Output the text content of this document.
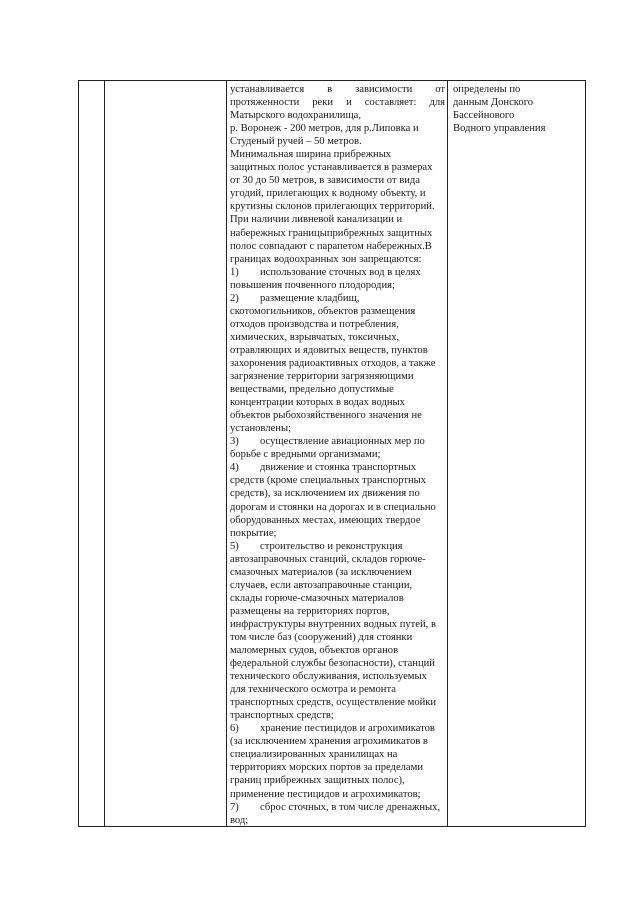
устанавливается в зависимости от
протяженности реки и составляет: для
Матырского водохранилища,
р. Воронеж - 200 метров, для р.Липовка и
Студеный ручей – 50 метров.
Минимальная ширина прибрежных
защитных полос устанавливается в размерах
от 30 до 50 метров, в зависимости от вида
угодий, прилегающих к водному объекту, и
крутизны склонов прилегающих территорий.
При наличии ливневой канализации и
набережных границыприбрежных защитных
полос совпадают с парапетом набережных.В
границах водоохранных зон запрещаются:
1) использование сточных вод в целях
повышения почвенного плодородия;
2) размещение кладбищ,
скотомогильников, объектов размещения
отходов производства и потребления,
химических, взрывчатых, токсичных,
отравляющих и ядовитых веществ, пунктов
захоронения радиоактивных отходов, а также
загрязнение территории загрязняющими
веществами, предельно допустимые
концентрации которых в водах водных
объектов рыбохозяйственного значения не
установлены;
3) осуществление авиационных мер по
борьбе с вредными организмами;
4) движение и стоянка транспортных
средств (кроме специальных транспортных
средств), за исключением их движения по
дорогам и стоянки на дорогах и в специально
оборудованных местах, имеющих твердое
покрытие;
5) строительство и реконструкция
автозаправочных станций, складов горюче-
смазочных материалов (за исключением
случаев, если автозаправочные станции,
склады горюче-смазочных материалов
размещены на территориях портов,
инфраструктуры внутренних водных путей, в
том числе баз (сооружений) для стоянки
маломерных судов, объектов органов
федеральной службы безопасности), станций
технического обслуживания, используемых
для технического осмотра и ремонта
транспортных средств, осуществление мойки
транспортных средств;
6) хранение пестицидов и агрохимикатов
(за исключением хранения агрохимикатов в
специализированных хранилищах на
территориях морских портов за пределами
границ прибрежных защитных полос),
применение пестицидов и агрохимикатов;
7) сброс сточных, в том числе дренажных,
вод;
определены по
данным Донского
Бассейнового
Водного управления
